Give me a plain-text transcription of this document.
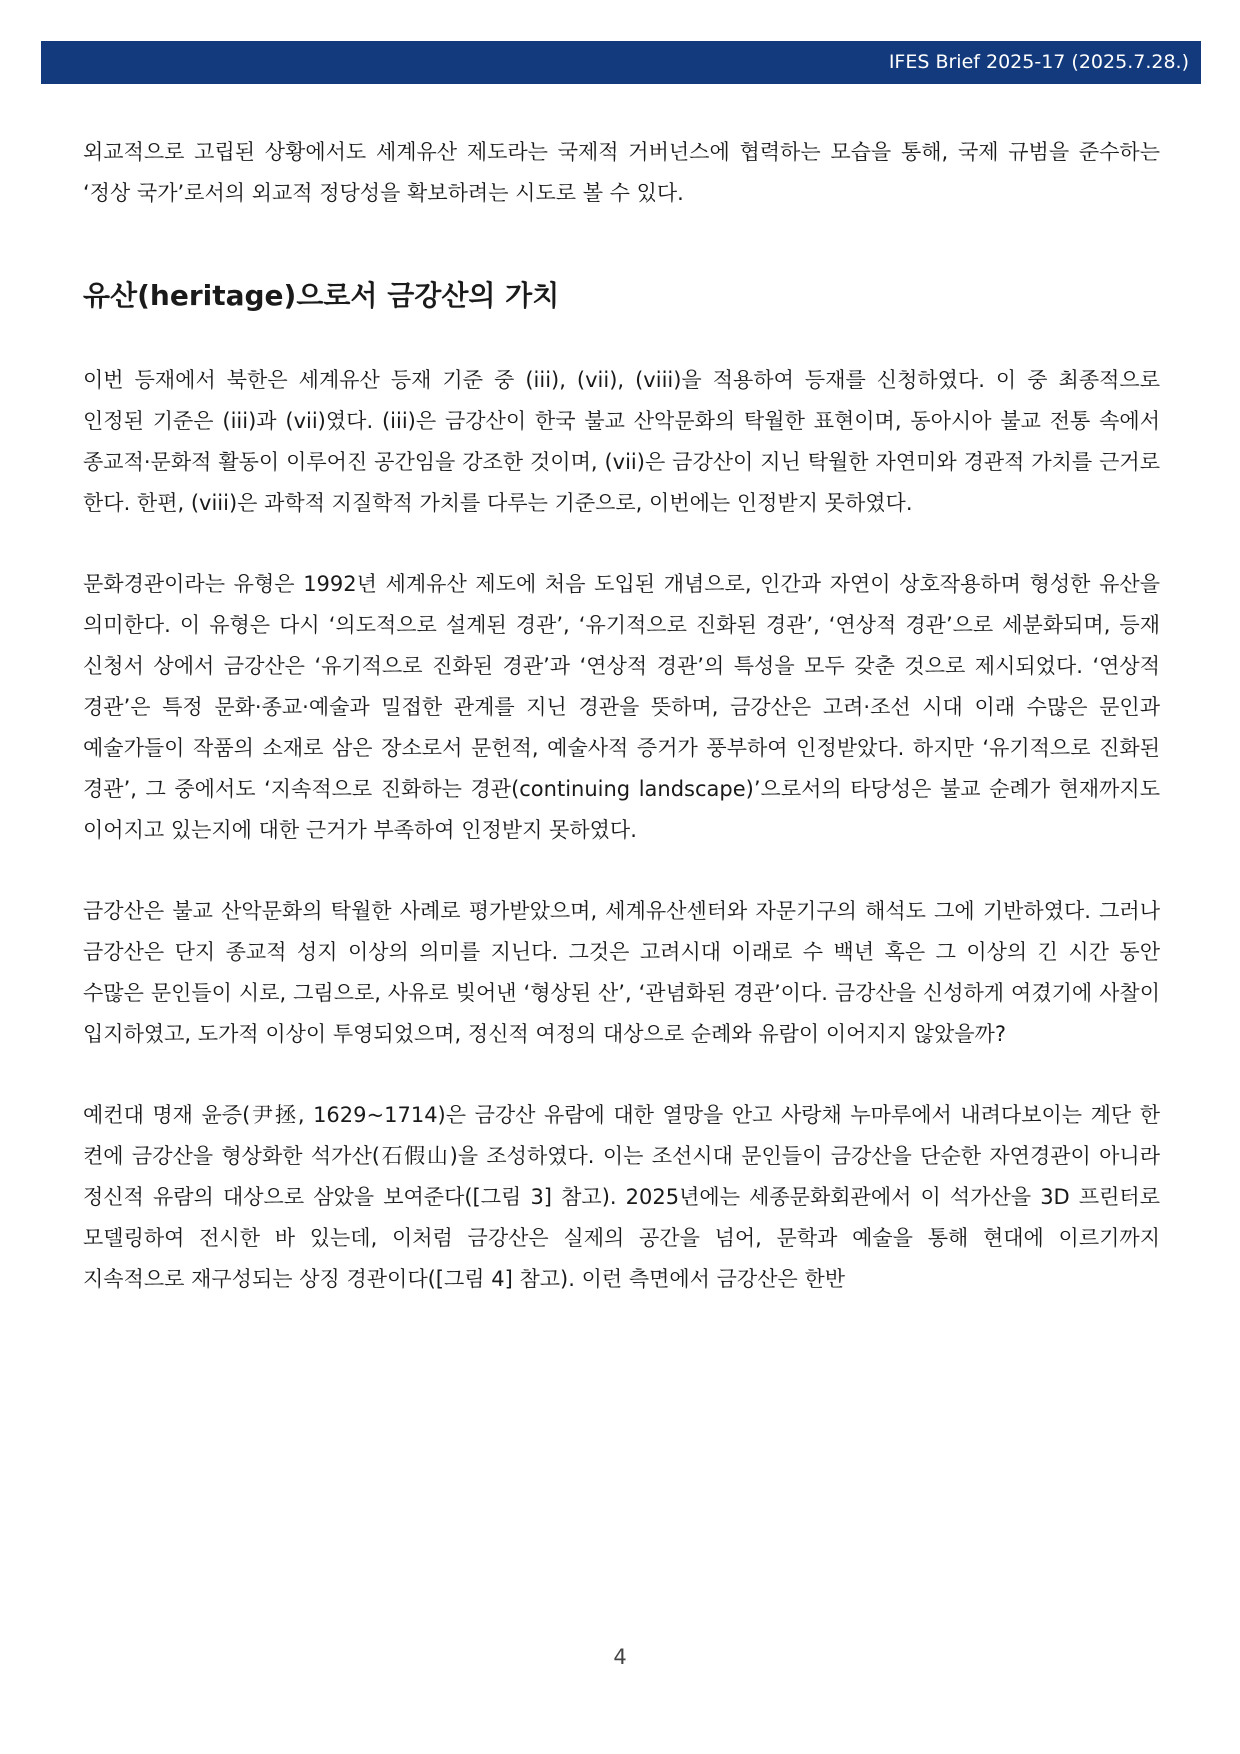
IFES Brief 2025-17 (2025.7.28.)

외교적으로 고립된 상황에서도 세계유산 제도라는 국제적 거버넌스에 협력하는 모습을 통해, 국제 규범을 준수하는 ‘정상 국가’로서의 외교적 정당성을 확보하려는 시도로 볼 수 있다.

유산(heritage)으로서 금강산의 가치

이번 등재에서 북한은 세계유산 등재 기준 중 (iii), (vii), (viii)을 적용하여 등재를 신청하였다. 이 중 최종적으로 인정된 기준은 (iii)과 (vii)였다. (iii)은 금강산이 한국 불교 산악문화의 탁월한 표현이며, 동아시아 불교 전통 속에서 종교적·문화적 활동이 이루어진 공간임을 강조한 것이며, (vii)은 금강산이 지닌 탁월한 자연미와 경관적 가치를 근거로 한다. 한편, (viii)은 과학적 지질학적 가치를 다루는 기준으로, 이번에는 인정받지 못하였다.

문화경관이라는 유형은 1992년 세계유산 제도에 처음 도입된 개념으로, 인간과 자연이 상호작용하며 형성한 유산을 의미한다. 이 유형은 다시 ‘의도적으로 설계된 경관’, ‘유기적으로 진화된 경관’, ‘연상적 경관’으로 세분화되며, 등재 신청서 상에서 금강산은 ‘유기적으로 진화된 경관’과 ‘연상적 경관’의 특성을 모두 갖춘 것으로 제시되었다. ‘연상적 경관’은 특정 문화·종교·예술과 밀접한 관계를 지닌 경관을 뜻하며, 금강산은 고려·조선 시대 이래 수많은 문인과 예술가들이 작품의 소재로 삼은 장소로서 문헌적, 예술사적 증거가 풍부하여 인정받았다. 하지만 ‘유기적으로 진화된 경관’, 그 중에서도 ‘지속적으로 진화하는 경관(continuing landscape)’으로서의 타당성은 불교 순례가 현재까지도 이어지고 있는지에 대한 근거가 부족하여 인정받지 못하였다.

금강산은 불교 산악문화의 탁월한 사례로 평가받았으며, 세계유산센터와 자문기구의 해석도 그에 기반하였다. 그러나 금강산은 단지 종교적 성지 이상의 의미를 지닌다. 그것은 고려시대 이래로 수 백년 혹은 그 이상의 긴 시간 동안 수많은 문인들이 시로, 그림으로, 사유로 빚어낸 ‘형상된 산’, ‘관념화된 경관’이다. 금강산을 신성하게 여겼기에 사찰이 입지하였고, 도가적 이상이 투영되었으며, 정신적 여정의 대상으로 순례와 유람이 이어지지 않았을까?

예컨대 명재 윤증(尹拯, 1629~1714)은 금강산 유람에 대한 열망을 안고 사랑채 누마루에서 내려다보이는 계단 한 켠에 금강산을 형상화한 석가산(石假山)을 조성하였다. 이는 조선시대 문인들이 금강산을 단순한 자연경관이 아니라 정신적 유람의 대상으로 삼았을 보여준다([그림 3] 참고). 2025년에는 세종문화회관에서 이 석가산을 3D 프린터로 모델링하여 전시한 바 있는데, 이처럼 금강산은 실제의 공간을 넘어, 문학과 예술을 통해 현대에 이르기까지 지속적으로 재구성되는 상징 경관이다([그림 4] 참고). 이런 측면에서 금강산은 한반

4
